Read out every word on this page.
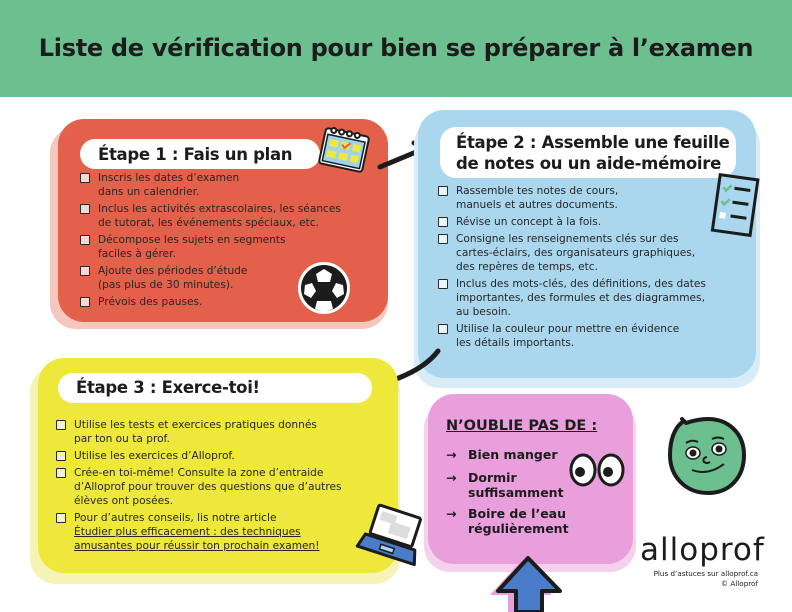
Liste de vérification pour bien se préparer à l’examen
Étape 1 : Fais un plan
Inscris les dates d’examen
dans un calendrier.
Inclus les activités extrascolaires, les séances
de tutorat, les événements spéciaux, etc.
Décompose les sujets en segments
faciles à gérer.
Ajoute des périodes d’étude
(pas plus de 30 minutes).
Prévois des pauses.
Étape 2 : Assemble une feuille
de notes ou un aide-mémoire
Rassemble tes notes de cours,
manuels et autres documents.
Révise un concept à la fois.
Consigne les renseignements clés sur des
cartes-éclairs, des organisateurs graphiques,
des repères de temps, etc.
Inclus des mots-clés, des définitions, des dates
importantes, des formules et des diagrammes,
au besoin.
Utilise la couleur pour mettre en évidence
les détails importants.
Étape 3 : Exerce-toi!
Utilise les tests et exercices pratiques donnés
par ton ou ta prof.
Utilise les exercices d’Alloprof.
Crée-en toi-même! Consulte la zone d’entraide
d’Alloprof pour trouver des questions que d’autres
élèves ont posées.
Pour d’autres conseils, lis notre article
Étudier plus efficacement : des techniques
amusantes pour réussir ton prochain examen!
N’OUBLIE PAS DE :
→ Bien manger
→ Dormir
suffisamment
→ Boire de l’eau
régulièrement
alloprof
Plus d’astuces sur alloprof.ca
© Alloprof
